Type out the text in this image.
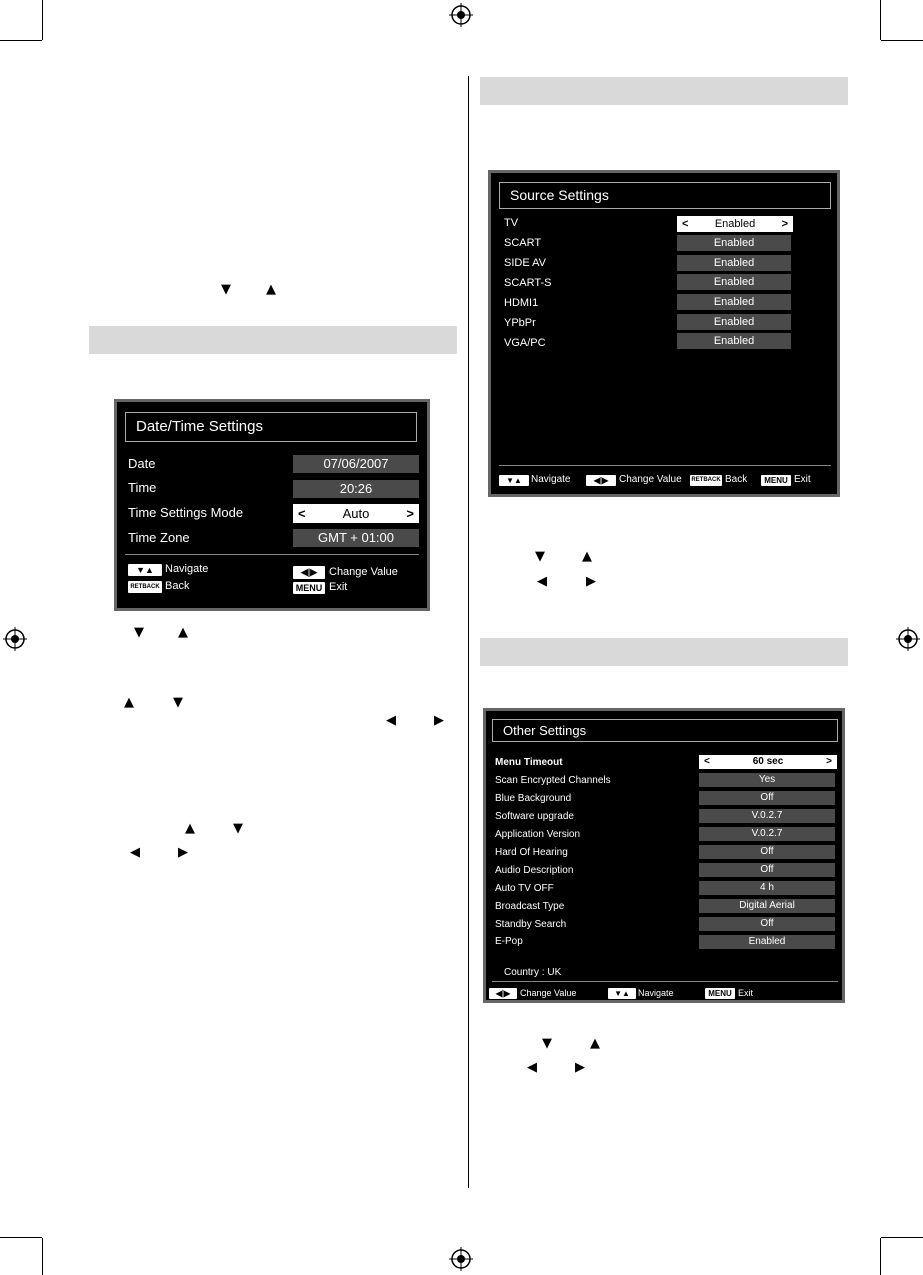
▼	▲
▼	▲
▲	▼
◀	▶
▲	▼
◀	▶
▼	▲
◀	▶
▼	▲
◀	▶
Date/Time Settings
Date	07/06/2007
Time	20:26
Time Settings Mode	<	Auto	>
Time Zone	GMT + 01:00
▼▲	Navigate	◀|▶	Change Value
RETBACK Back	MENU Exit
Source Settings
TV	< Enabled >
SCART	Enabled
SIDE AV	Enabled
SCART-S	Enabled
HDMI1	Enabled
YPbPr	Enabled
VGA/PC	Enabled
▼▲ Navigate	◀|▶	Change Value RETBACK Back	MENU Exit
Other Settings
Menu Timeout	<	60 sec	>
Scan Encrypted Channels	Yes
Blue Background	Off
Software upgrade	V.0.2.7
Application Version	V.0.2.7
Hard Of Hearing	Off
Audio Description	Off
Auto TV OFF	4 h
Broadcast Type	Digital Aerial
Standby Search	Off
E-Pop	Enabled
Country : UK
◀|▶	Change Value	▼▲ Navigate	MENU Exit
